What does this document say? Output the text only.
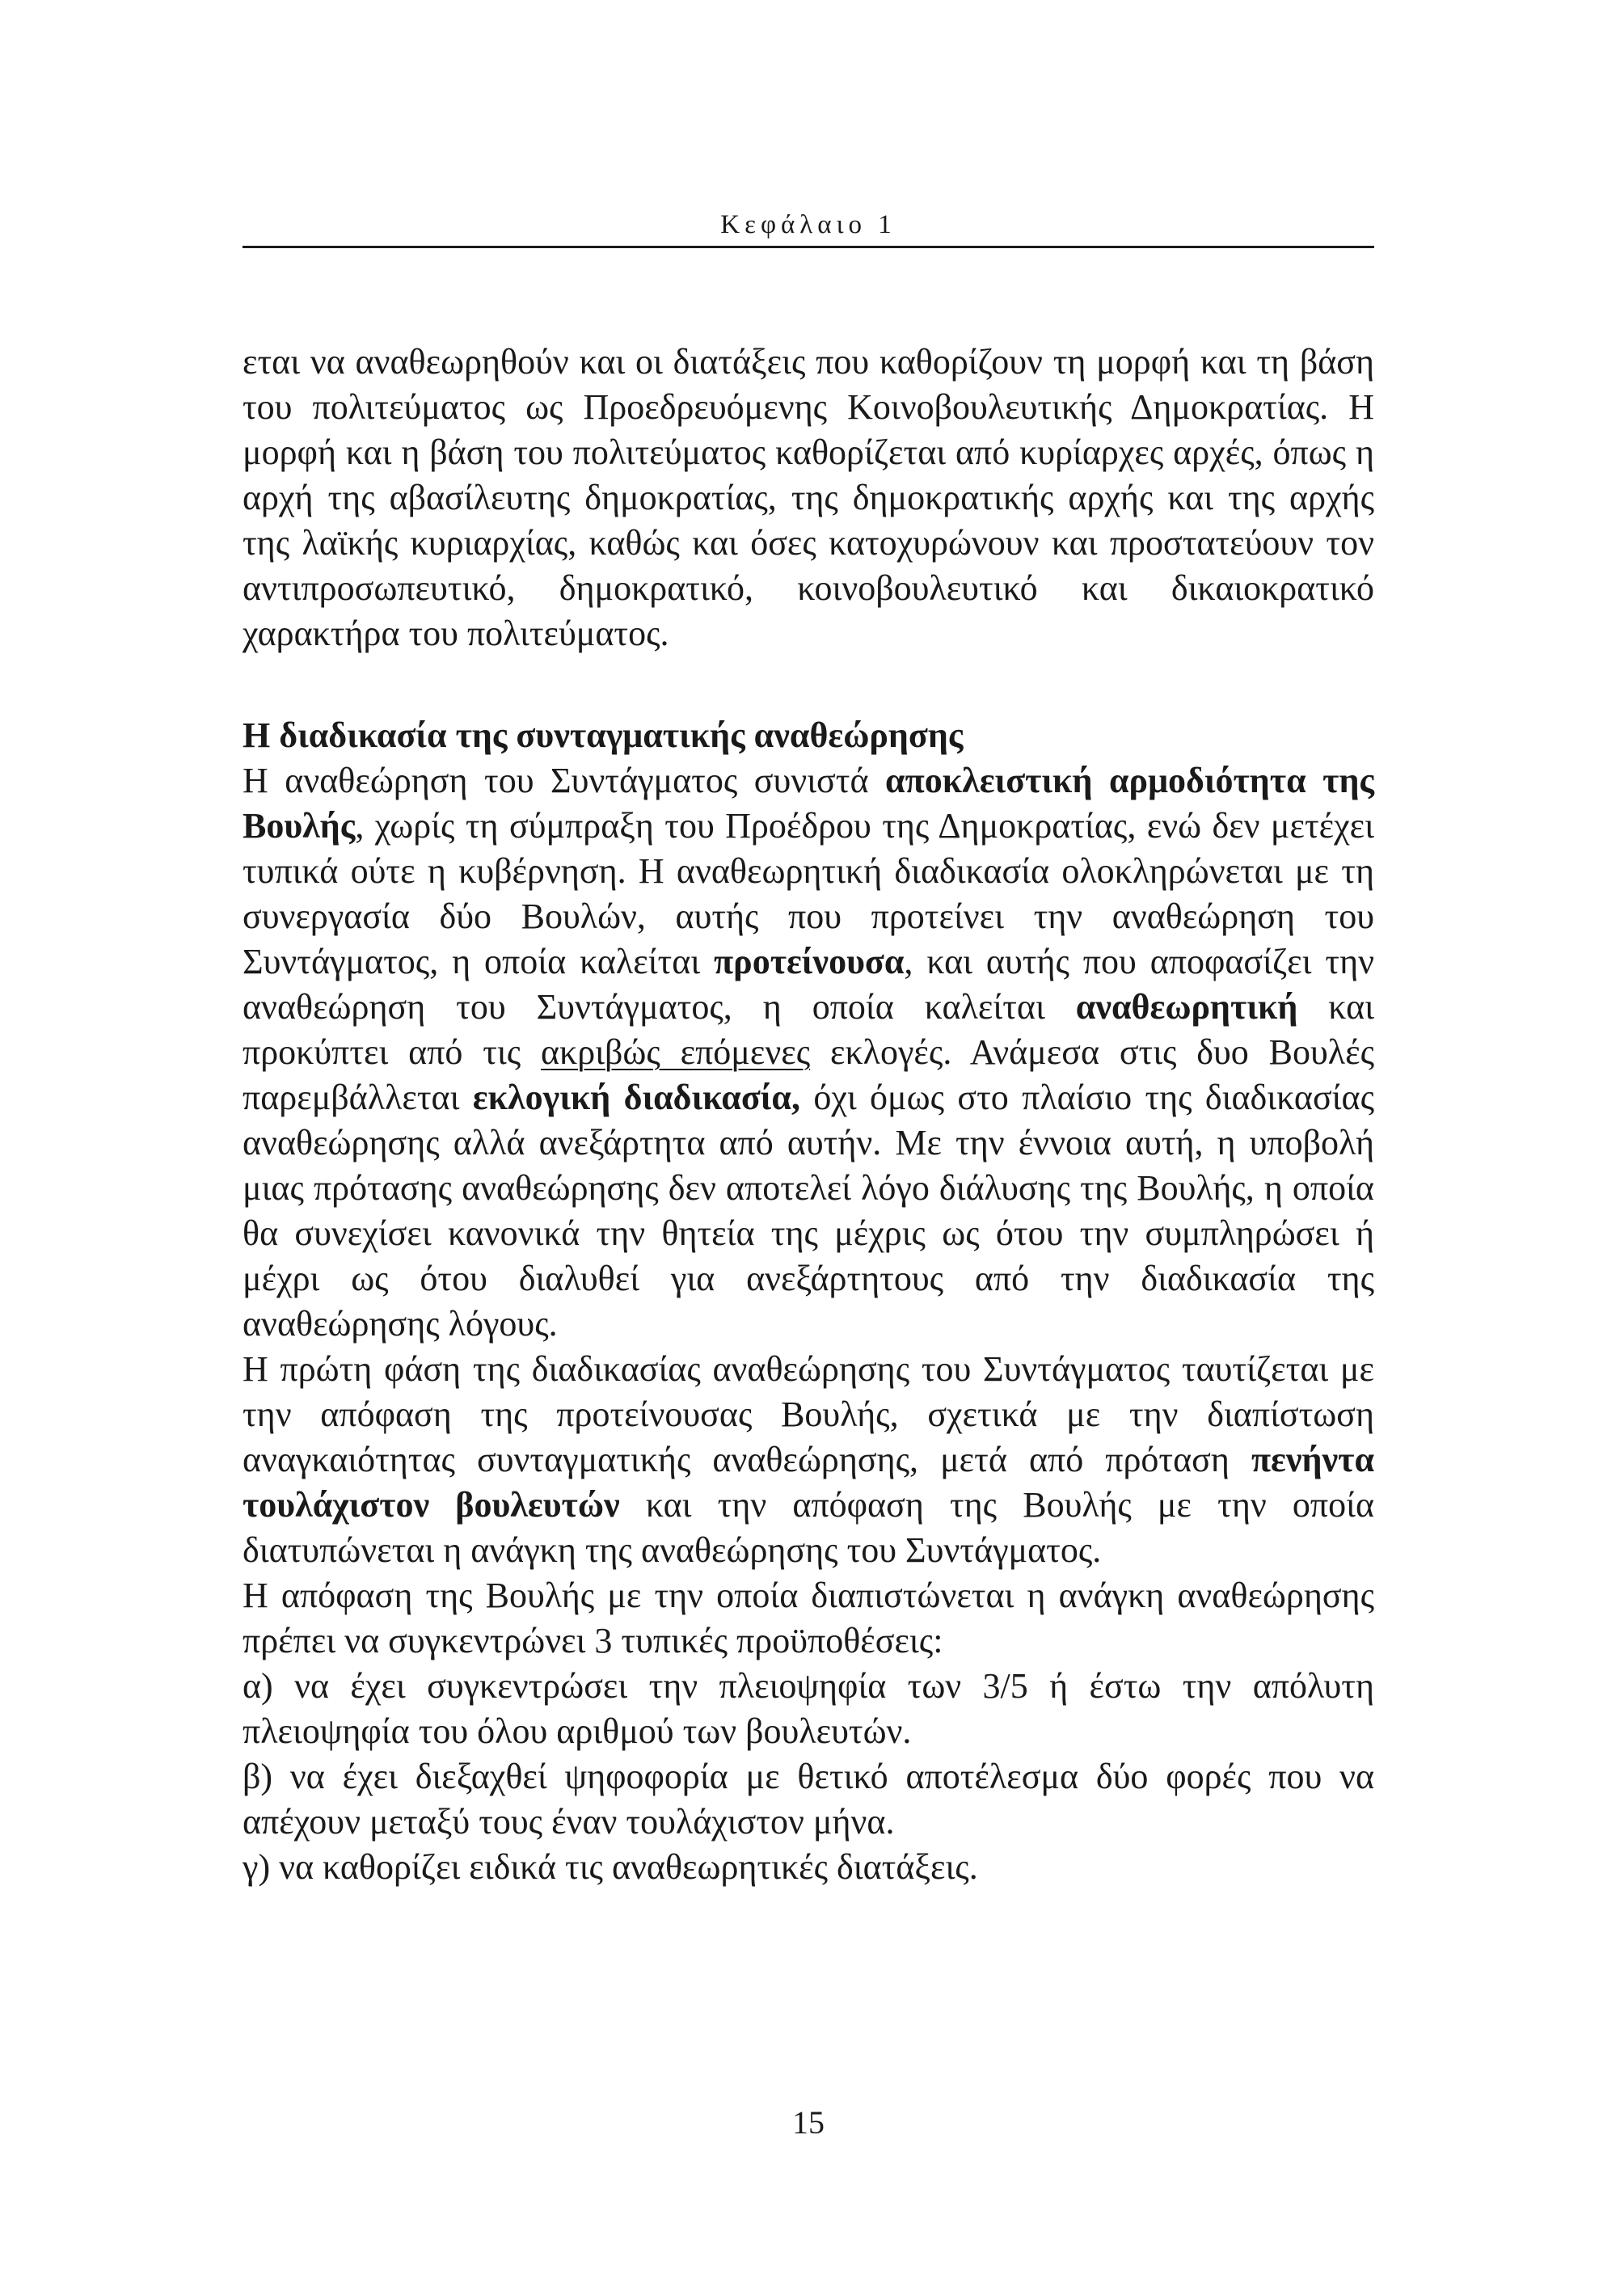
Κεφάλαιο 1

εται να αναθεωρηθούν και οι διατάξεις που καθορίζουν τη μορφή και τη βάση του πολιτεύματος ως Προεδρευόμενης Κοινοβουλευτικής Δημοκρατίας. Η μορφή και η βάση του πολιτεύματος καθορίζεται από κυρίαρχες αρχές, όπως η αρχή της αβασίλευτης δημοκρατίας, της δημοκρατικής αρχής και της αρχής της λαϊκής κυριαρχίας, καθώς και όσες κατοχυρώνουν και προστατεύουν τον αντιπροσωπευτικό, δημοκρατικό, κοινοβουλευτικό και δικαιοκρατικό χαρακτήρα του πολιτεύματος.

Η διαδικασία της συνταγματικής αναθεώρησης

Η αναθεώρηση του Συντάγματος συνιστά αποκλειστική αρμοδιότητα της Βουλής, χωρίς τη σύμπραξη του Προέδρου της Δημοκρατίας, ενώ δεν μετέχει τυπικά ούτε η κυβέρνηση. Η αναθεωρητική διαδικασία ολοκληρώνεται με τη συνεργασία δύο Βουλών, αυτής που προτείνει την αναθεώρηση του Συντάγματος, η οποία καλείται προτείνουσα, και αυτής που αποφασίζει την αναθεώρηση του Συντάγματος, η οποία καλείται αναθεωρητική και προκύπτει από τις ακριβώς επόμενες εκλογές. Ανάμεσα στις δυο Βουλές παρεμβάλλεται εκλογική διαδικασία, όχι όμως στο πλαίσιο της διαδικασίας αναθεώρησης αλλά ανεξάρτητα από αυτήν. Με την έννοια αυτή, η υποβολή μιας πρότασης αναθεώρησης δεν αποτελεί λόγο διάλυσης της Βουλής, η οποία θα συνεχίσει κανονικά την θητεία της μέχρις ως ότου την συμπληρώσει ή μέχρι ως ότου διαλυθεί για ανεξάρτητους από την διαδικασία της αναθεώρησης λόγους.

Η πρώτη φάση της διαδικασίας αναθεώρησης του Συντάγματος ταυτίζεται με την απόφαση της προτείνουσας Βουλής, σχετικά με την διαπίστωση αναγκαιότητας συνταγματικής αναθεώρησης, μετά από πρόταση πενήντα τουλάχιστον βουλευτών και την απόφαση της Βουλής με την οποία διατυπώνεται η ανάγκη της αναθεώρησης του Συντάγματος.

Η απόφαση της Βουλής με την οποία διαπιστώνεται η ανάγκη αναθεώρησης πρέπει να συγκεντρώνει 3 τυπικές προϋποθέσεις:

α) να έχει συγκεντρώσει την πλειοψηφία των 3/5 ή έστω την απόλυτη πλειοψηφία του όλου αριθμού των βουλευτών.

β) να έχει διεξαχθεί ψηφοφορία με θετικό αποτέλεσμα δύο φορές που να απέχουν μεταξύ τους έναν τουλάχιστον μήνα.

γ) να καθορίζει ειδικά τις αναθεωρητικές διατάξεις.

15
